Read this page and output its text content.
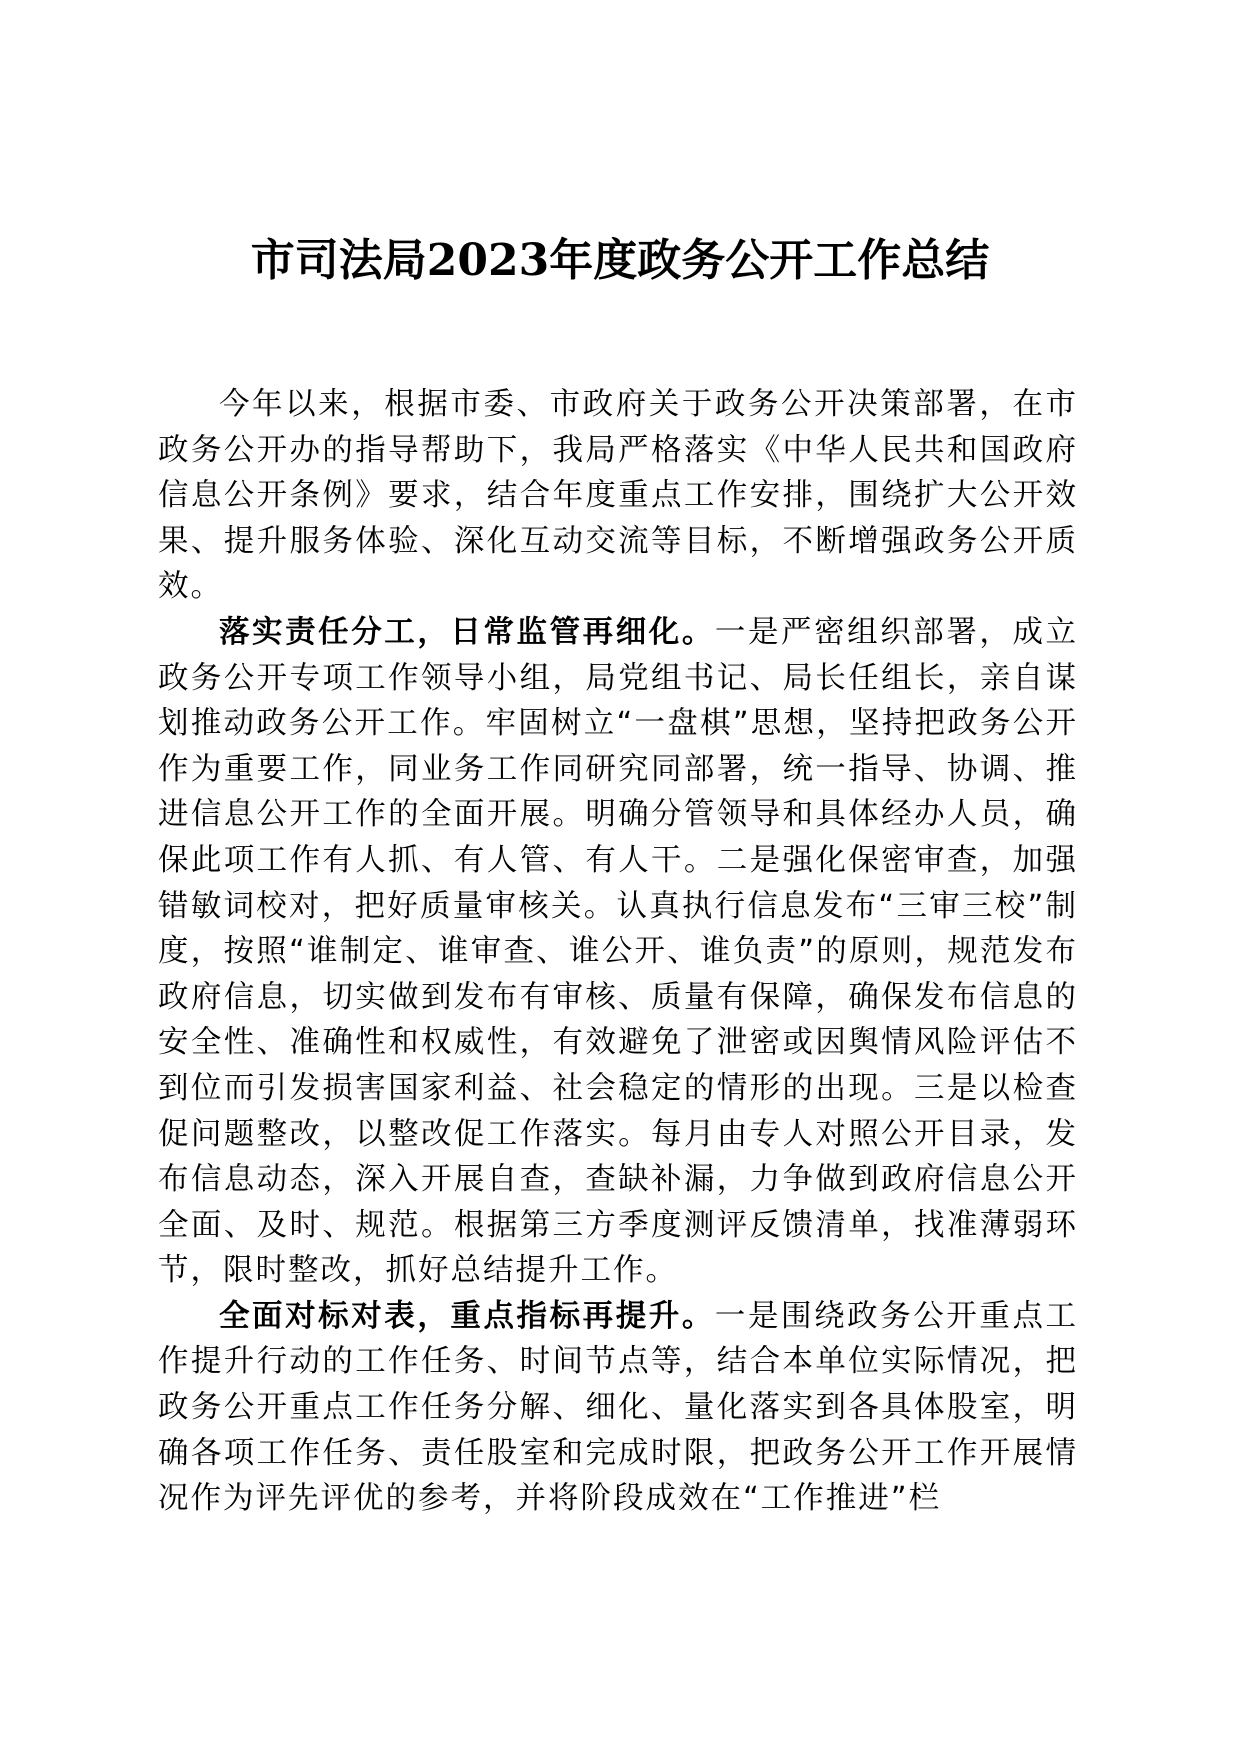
市司法局2023年度政务公开工作总结

今年以来，根据市委、市政府关于政务公开决策部署，在市政务公开办的指导帮助下，我局严格落实《中华人民共和国政府信息公开条例》要求，结合年度重点工作安排，围绕扩大公开效果、提升服务体验、深化互动交流等目标，不断增强政务公开质效。

落实责任分工，日常监管再细化。一是严密组织部署，成立政务公开专项工作领导小组，局党组书记、局长任组长，亲自谋划推动政务公开工作。牢固树立“一盘棋”思想，坚持把政务公开作为重要工作，同业务工作同研究同部署，统一指导、协调、推进信息公开工作的全面开展。明确分管领导和具体经办人员，确保此项工作有人抓、有人管、有人干。二是强化保密审查，加强错敏词校对，把好质量审核关。认真执行信息发布“三审三校”制度，按照“谁制定、谁审查、谁公开、谁负责”的原则，规范发布政府信息，切实做到发布有审核、质量有保障，确保发布信息的安全性、准确性和权威性，有效避免了泄密或因舆情风险评估不到位而引发损害国家利益、社会稳定的情形的出现。三是以检查促问题整改，以整改促工作落实。每月由专人对照公开目录，发布信息动态，深入开展自查，查缺补漏，力争做到政府信息公开全面、及时、规范。根据第三方季度测评反馈清单，找准薄弱环节，限时整改，抓好总结提升工作。

全面对标对表，重点指标再提升。一是围绕政务公开重点工作提升行动的工作任务、时间节点等，结合本单位实际情况，把政务公开重点工作任务分解、细化、量化落实到各具体股室，明确各项工作任务、责任股室和完成时限，把政务公开工作开展情况作为评先评优的参考，并将阶段成效在“工作推进”栏
